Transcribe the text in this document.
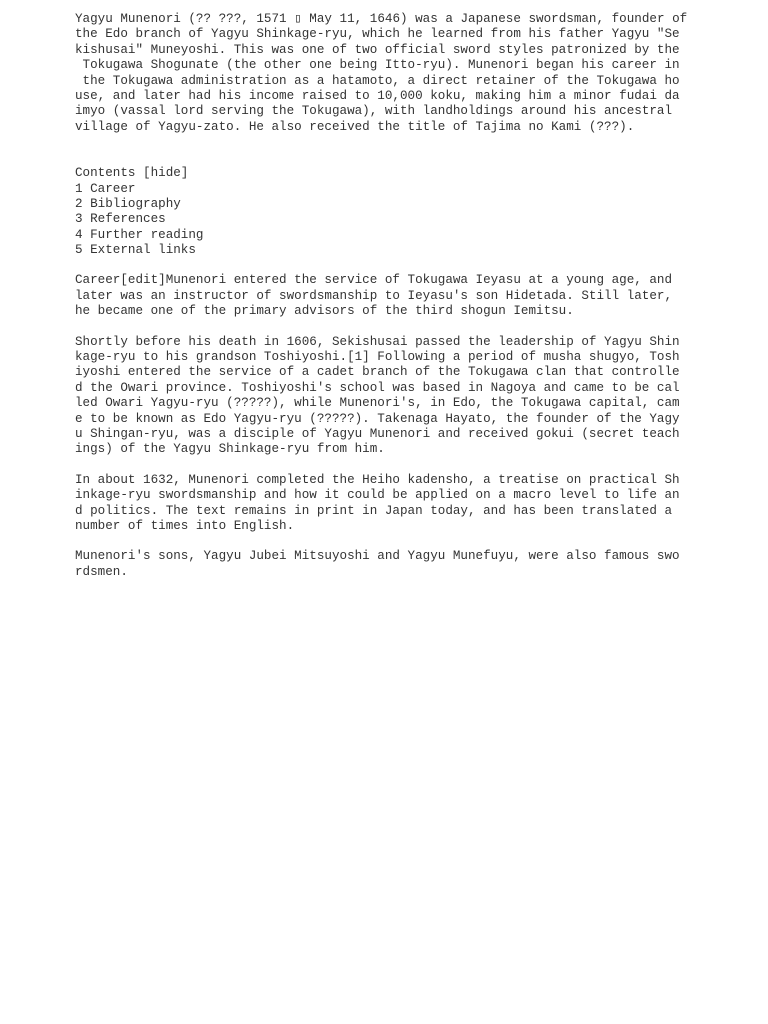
Yagyu Munenori (?? ???, 1571 ▯ May 11, 1646) was a Japanese swordsman, founder of
the Edo branch of Yagyu Shinkage-ryu, which he learned from his father Yagyu "Se
kishusai" Muneyoshi. This was one of two official sword styles patronized by the
Tokugawa Shogunate (the other one being Itto-ryu). Munenori began his career in
the Tokugawa administration as a hatamoto, a direct retainer of the Tokugawa ho
use, and later had his income raised to 10,000 koku, making him a minor fudai da
imyo (vassal lord serving the Tokugawa), with landholdings around his ancestral
village of Yagyu-zato. He also received the title of Tajima no Kami (???).
Contents [hide]
1 Career
2 Bibliography
3 References
4 Further reading
5 External links
Career[edit]Munenori entered the service of Tokugawa Ieyasu at a young age, and
later was an instructor of swordsmanship to Ieyasu's son Hidetada. Still later,
he became one of the primary advisors of the third shogun Iemitsu.
Shortly before his death in 1606, Sekishusai passed the leadership of Yagyu Shin
kage-ryu to his grandson Toshiyoshi.[1] Following a period of musha shugyo, Tosh
iyoshi entered the service of a cadet branch of the Tokugawa clan that controlle
d the Owari province. Toshiyoshi's school was based in Nagoya and came to be cal
led Owari Yagyu-ryu (?????), while Munenori's, in Edo, the Tokugawa capital, cam
e to be known as Edo Yagyu-ryu (?????). Takenaga Hayato, the founder of the Yagy
u Shingan-ryu, was a disciple of Yagyu Munenori and received gokui (secret teach
ings) of the Yagyu Shinkage-ryu from him.
In about 1632, Munenori completed the Heiho kadensho, a treatise on practical Sh
inkage-ryu swordsmanship and how it could be applied on a macro level to life an
d politics. The text remains in print in Japan today, and has been translated a
number of times into English.
Munenori's sons, Yagyu Jubei Mitsuyoshi and Yagyu Munefuyu, were also famous swo
rdsmen.
